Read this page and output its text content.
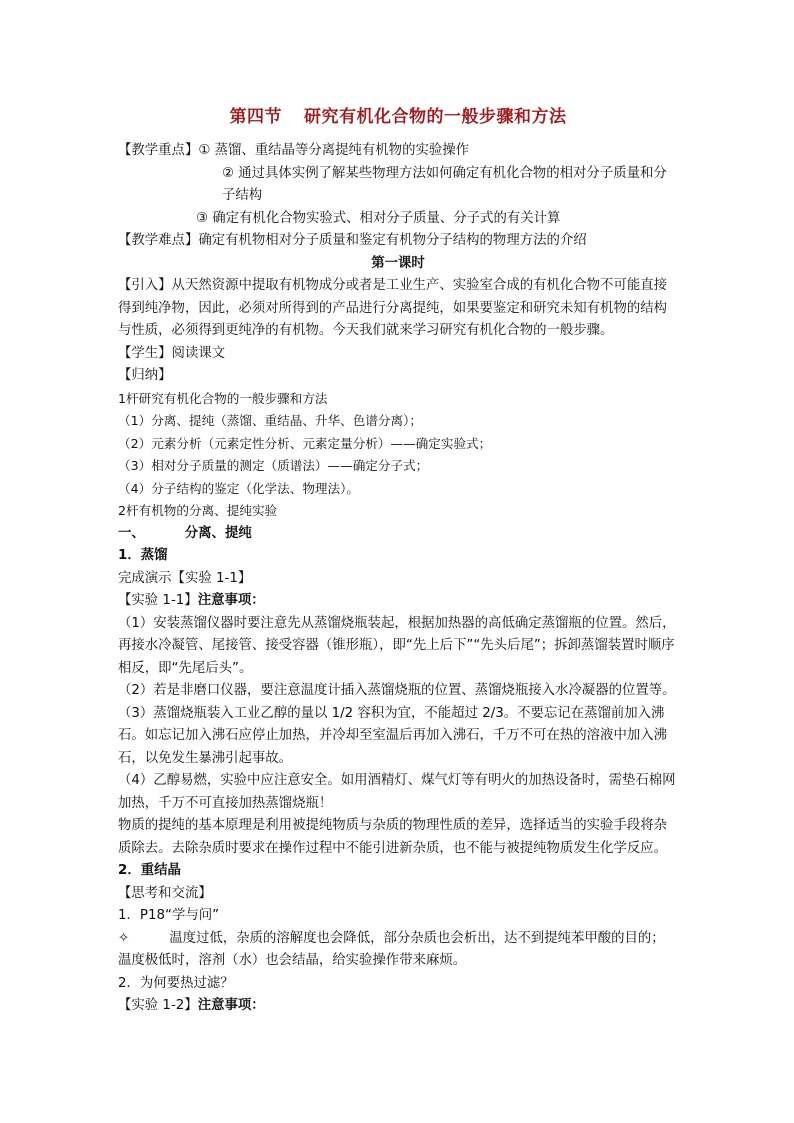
第四节 研究有机化合物的一般步骤和方法
【教学重点】① 蒸馏、重结晶等分离提纯有机物的实验操作
② 通过具体实例了解某些物理方法如何确定有机化合物的相对分子质量和分
子结构
③ 确定有机化合物实验式、相对分子质量、分子式的有关计算
【教学难点】确定有机物相对分子质量和鉴定有机物分子结构的物理方法的介绍
第一课时
【引入】从天然资源中提取有机物成分或者是工业生产、实验室合成的有机化合物不可能直接得到纯净物，因此，必须对所得到的产品进行分离提纯，如果要鉴定和研究未知有机物的结构与性质，必须得到更纯净的有机物。今天我们就来学习研究有机化合物的一般步骤。
【学生】阅读课文
【归纳】
1杆研究有机化合物的一般步骤和方法
（1）分离、提纯（蒸馏、重结晶、升华、色谱分离）；
（2）元素分析（元素定性分析、元素定量分析）——确定实验式；
（3）相对分子质量的测定（质谱法）——确定分子式；
（4）分子结构的鉴定（化学法、物理法）。
2杆有机物的分离、提纯实验
一、	分离、提纯
1．蒸馏
完成演示【实验 1-1】
【实验 1-1】注意事项：
（1）安装蒸馏仪器时要注意先从蒸馏烧瓶装起，根据加热器的高低确定蒸馏瓶的位置。然后，再接水冷凝管、尾接管、接受容器（锥形瓶），即“先上后下”“先头后尾”；拆卸蒸馏装置时顺序相反，即“先尾后头”。
（2）若是非磨口仪器，要注意温度计插入蒸馏烧瓶的位置、蒸馏烧瓶接入水冷凝器的位置等。
（3）蒸馏烧瓶装入工业乙醇的量以 1/2 容积为宜，不能超过 2/3。不要忘记在蒸馏前加入沸石。如忘记加入沸石应停止加热，并冷却至室温后再加入沸石，千万不可在热的溶液中加入沸石，以免发生暴沸引起事故。
（4）乙醇易燃，实验中应注意安全。如用酒精灯、煤气灯等有明火的加热设备时，需垫石棉网加热，千万不可直接加热蒸馏烧瓶！
物质的提纯的基本原理是利用被提纯物质与杂质的物理性质的差异，选择适当的实验手段将杂质除去。去除杂质时要求在操作过程中不能引进新杂质，也不能与被提纯物质发生化学反应。
2．重结晶
【思考和交流】
1．P18“学与问”
✧	温度过低，杂质的溶解度也会降低，部分杂质也会析出，达不到提纯苯甲酸的目的；
温度极低时，溶剂（水）也会结晶，给实验操作带来麻烦。
2．为何要热过滤？
【实验 1-2】注意事项：
